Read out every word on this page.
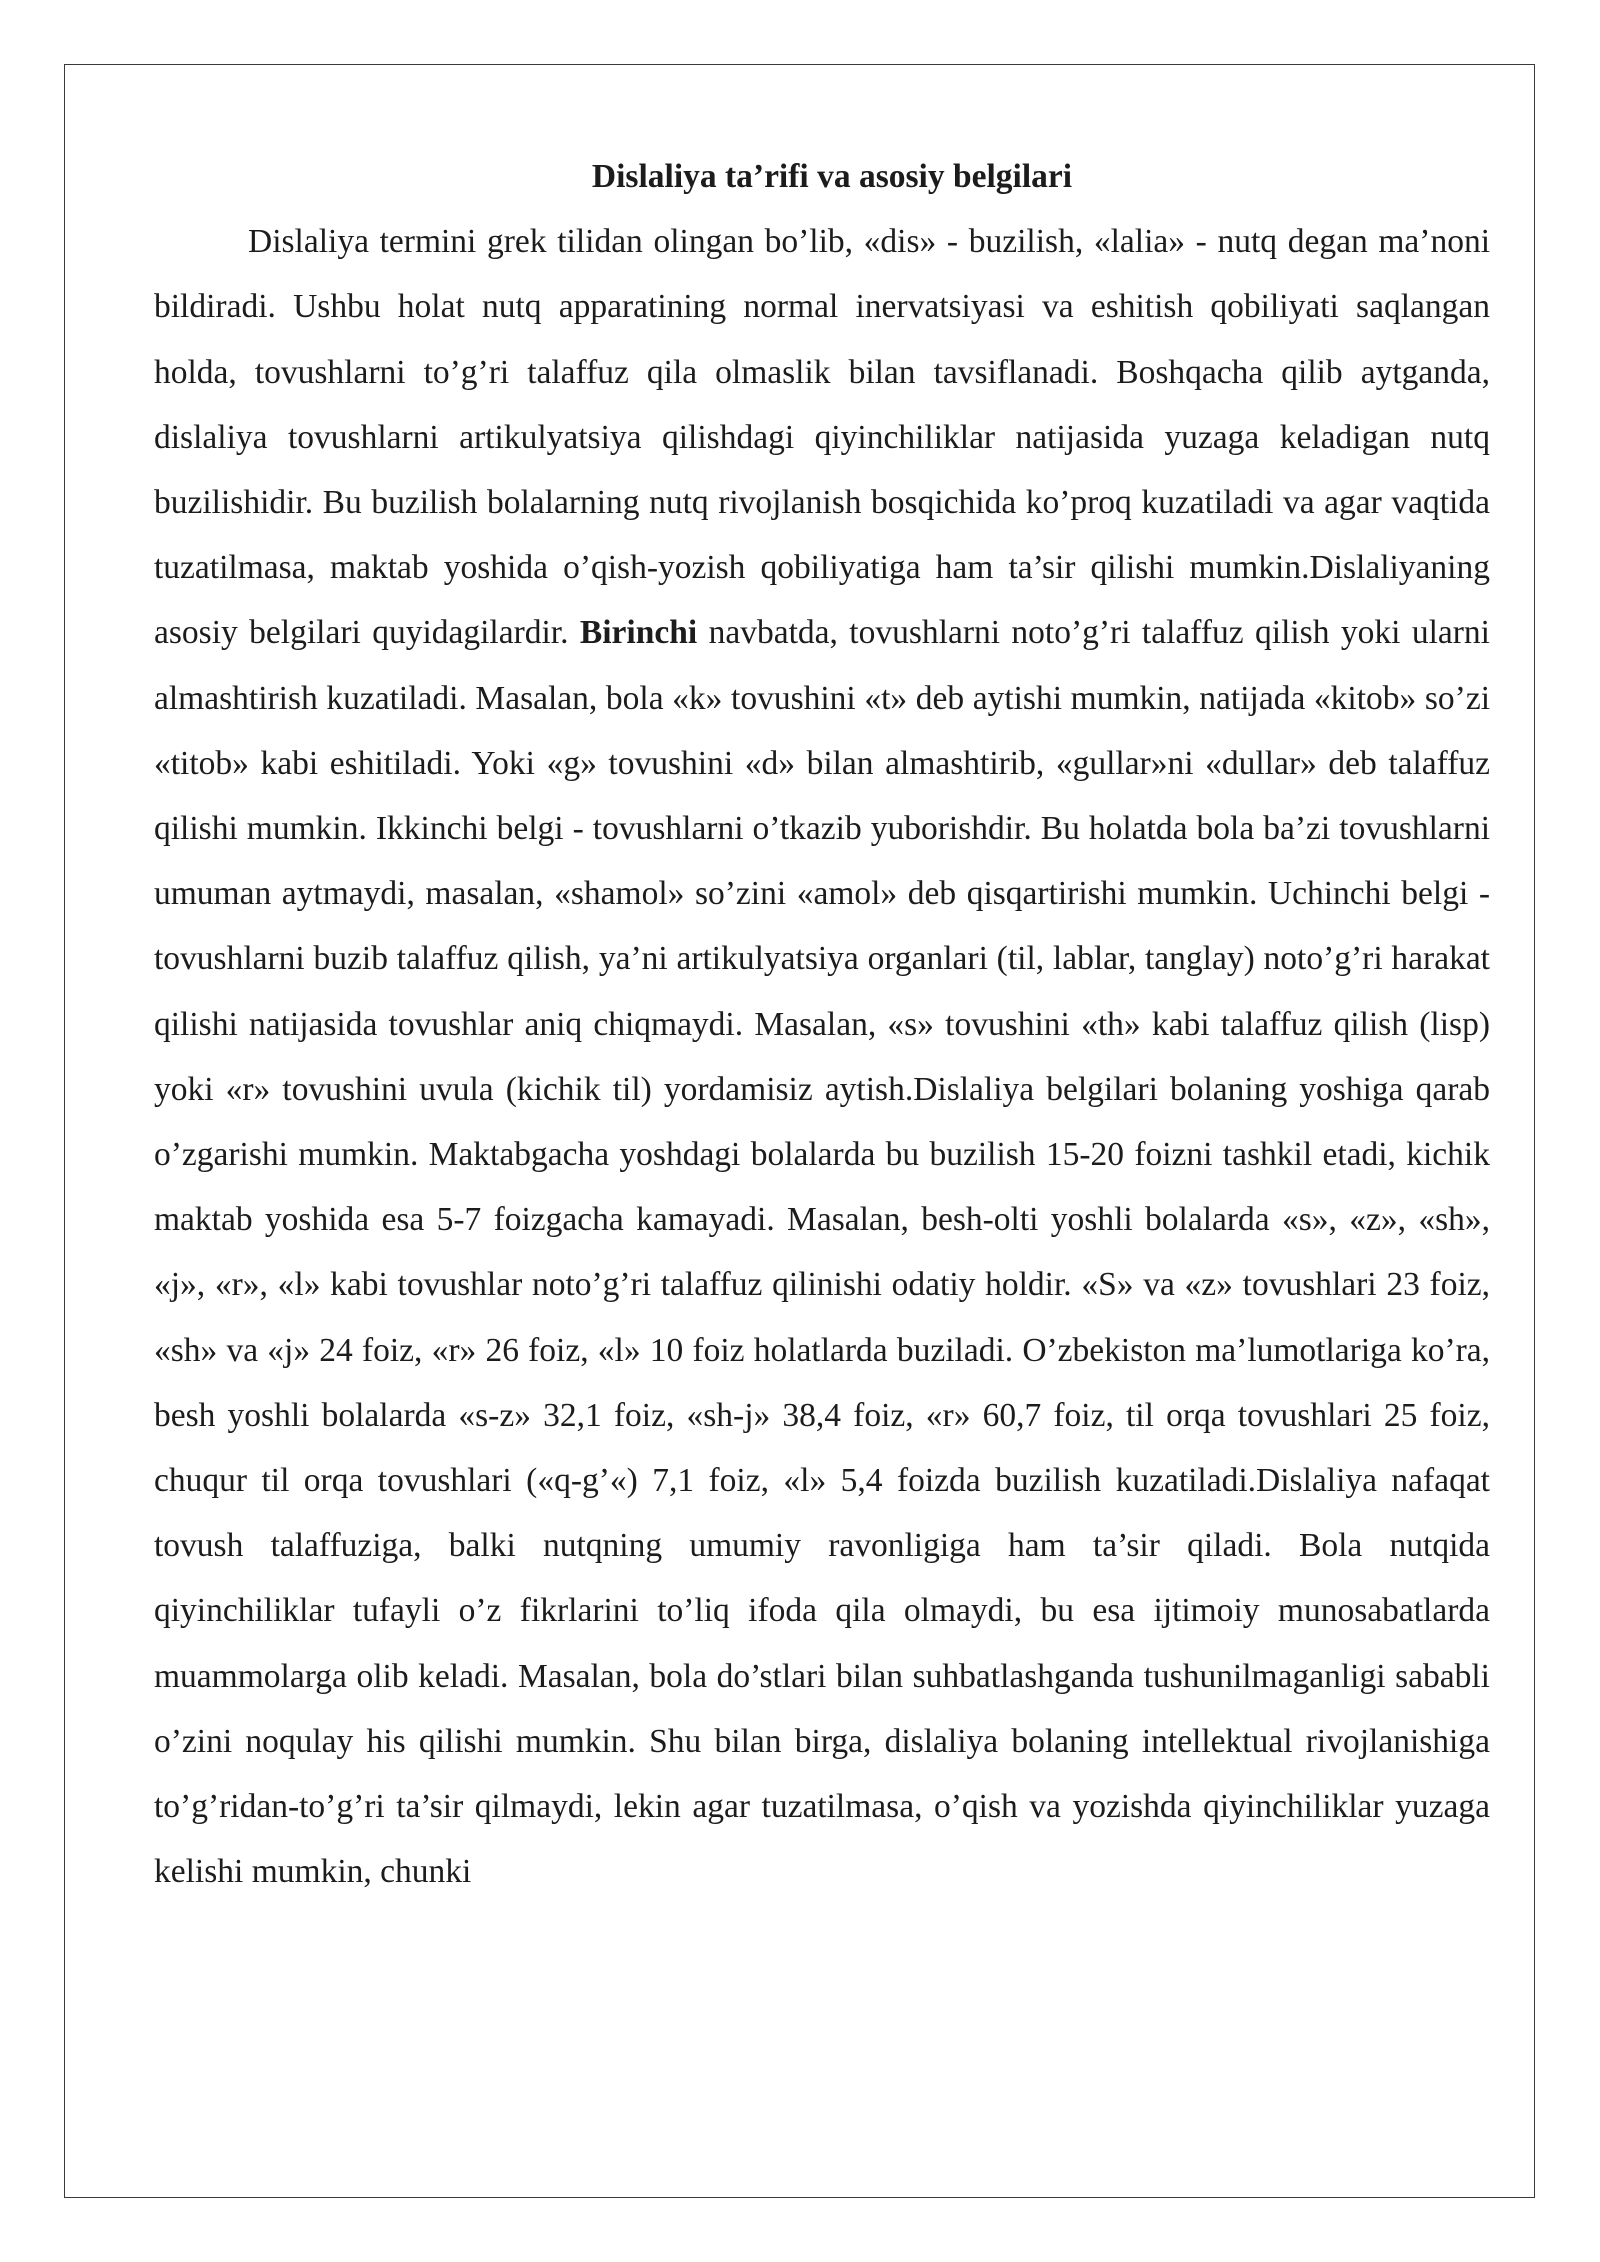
Dislaliya ta’rifi va asosiy belgilari

Dislaliya termini grek tilidan olingan bo’lib, «dis» - buzilish, «lalia» - nutq degan ma’noni bildiradi. Ushbu holat nutq apparatining normal inervatsiyasi va eshitish qobiliyati saqlangan holda, tovushlarni to’g’ri talaffuz qila olmaslik bilan tavsiflanadi. Boshqacha qilib aytganda, dislaliya tovushlarni artikulyatsiya qilishdagi qiyinchiliklar natijasida yuzaga keladigan nutq buzilishidir. Bu buzilish bolalarning nutq rivojlanish bosqichida ko’proq kuzatiladi va agar vaqtida tuzatilmasa, maktab yoshida o’qish-yozish qobiliyatiga ham ta’sir qilishi mumkin.Dislaliyaning asosiy belgilari quyidagilardir. Birinchi navbatda, tovushlarni noto’g’ri talaffuz qilish yoki ularni almashtirish kuzatiladi. Masalan, bola «k» tovushini «t» deb aytishi mumkin, natijada «kitob» so’zi «titob» kabi eshitiladi. Yoki «g» tovushini «d» bilan almashtirib, «gullar»ni «dullar» deb talaffuz qilishi mumkin. Ikkinchi belgi - tovushlarni o’tkazib yuborishdir. Bu holatda bola ba’zi tovushlarni umuman aytmaydi, masalan, «shamol» so’zini «amol» deb qisqartirishi mumkin. Uchinchi belgi - tovushlarni buzib talaffuz qilish, ya’ni artikulyatsiya organlari (til, lablar, tanglay) noto’g’ri harakat qilishi natijasida tovushlar aniq chiqmaydi. Masalan, «s» tovushini «th» kabi talaffuz qilish (lisp) yoki «r» tovushini uvula (kichik til) yordamisiz aytish.Dislaliya belgilari bolaning yoshiga qarab o’zgarishi mumkin. Maktabgacha yoshdagi bolalarda bu buzilish 15-20 foizni tashkil etadi, kichik maktab yoshida esa 5-7 foizgacha kamayadi. Masalan, besh-olti yoshli bolalarda «s», «z», «sh», «j», «r», «l» kabi tovushlar noto’g’ri talaffuz qilinishi odatiy holdir. «S» va «z» tovushlari 23 foiz, «sh» va «j» 24 foiz, «r» 26 foiz, «l» 10 foiz holatlarda buziladi. O’zbekiston ma’lumotlariga ko’ra, besh yoshli bolalarda «s-z» 32,1 foiz, «sh-j» 38,4 foiz, «r» 60,7 foiz, til orqa tovushlari 25 foiz, chuqur til orqa tovushlari («q-g’«) 7,1 foiz, «l» 5,4 foizda buzilish kuzatiladi.Dislaliya nafaqat tovush talaffuziga, balki nutqning umumiy ravonligiga ham ta’sir qiladi. Bola nutqida qiyinchiliklar tufayli o’z fikrlarini to’liq ifoda qila olmaydi, bu esa ijtimoiy munosabatlarda muammolarga olib keladi. Masalan, bola do’stlari bilan suhbatlashganda tushunilmaganligi sababli o’zini noqulay his qilishi mumkin. Shu bilan birga, dislaliya bolaning intellektual rivojlanishiga to’g’ridan-to’g’ri ta’sir qilmaydi, lekin agar tuzatilmasa, o’qish va yozishda qiyinchiliklar yuzaga kelishi mumkin, chunki
